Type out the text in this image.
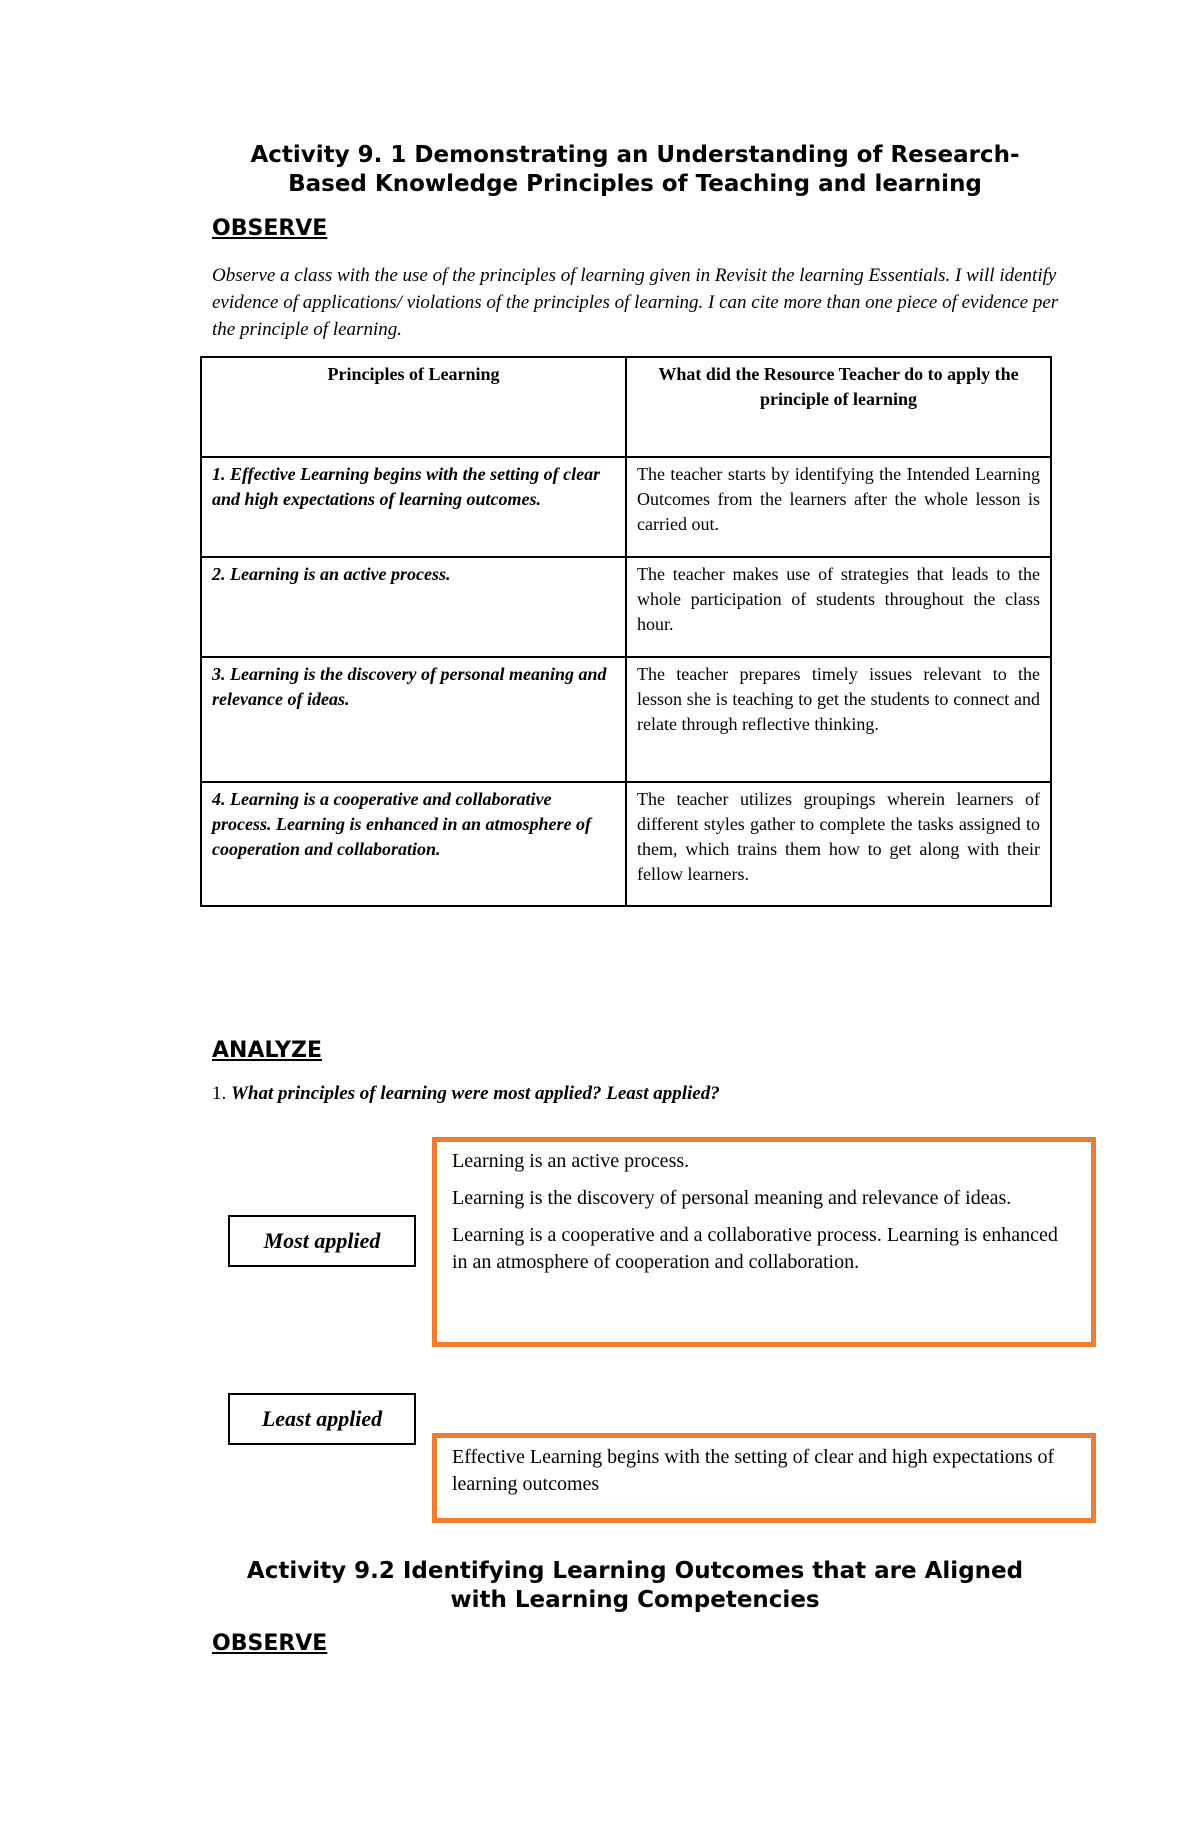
Activity 9. 1 Demonstrating an Understanding of Research-
Based Knowledge Principles of Teaching and learning
OBSERVE
Observe a class with the use of the principles of learning given in Revisit the learning Essentials. I will identify evidence of applications/ violations of the principles of learning. I can cite more than one piece of evidence per the principle of learning.
Principles of Learning	What did the Resource Teacher do to apply the principle of learning
1. Effective Learning begins with the setting of clear and high expectations of learning outcomes.	The teacher starts by identifying the Intended Learning Outcomes from the learners after the whole lesson is carried out.
2. Learning is an active process.	The teacher makes use of strategies that leads to the whole participation of students throughout the class hour.
3. Learning is the discovery of personal meaning and relevance of ideas.	The teacher prepares timely issues relevant to the lesson she is teaching to get the students to connect and relate through reflective thinking.
4. Learning is a cooperative and collaborative process. Learning is enhanced in an atmosphere of cooperation and collaboration.	The teacher utilizes groupings wherein learners of different styles gather to complete the tasks assigned to them, which trains them how to get along with their fellow learners.
ANALYZE
1. What principles of learning were most applied? Least applied?
Most applied

Learning is an active process.

Learning is the discovery of personal meaning and relevance of ideas.

Learning is a cooperative and a collaborative process. Learning is enhanced in an atmosphere of cooperation and collaboration.

Least applied

Effective Learning begins with the setting of clear and high expectations of learning outcomes

Activity 9.2 Identifying Learning Outcomes that are Aligned
with Learning Competencies
OBSERVE
